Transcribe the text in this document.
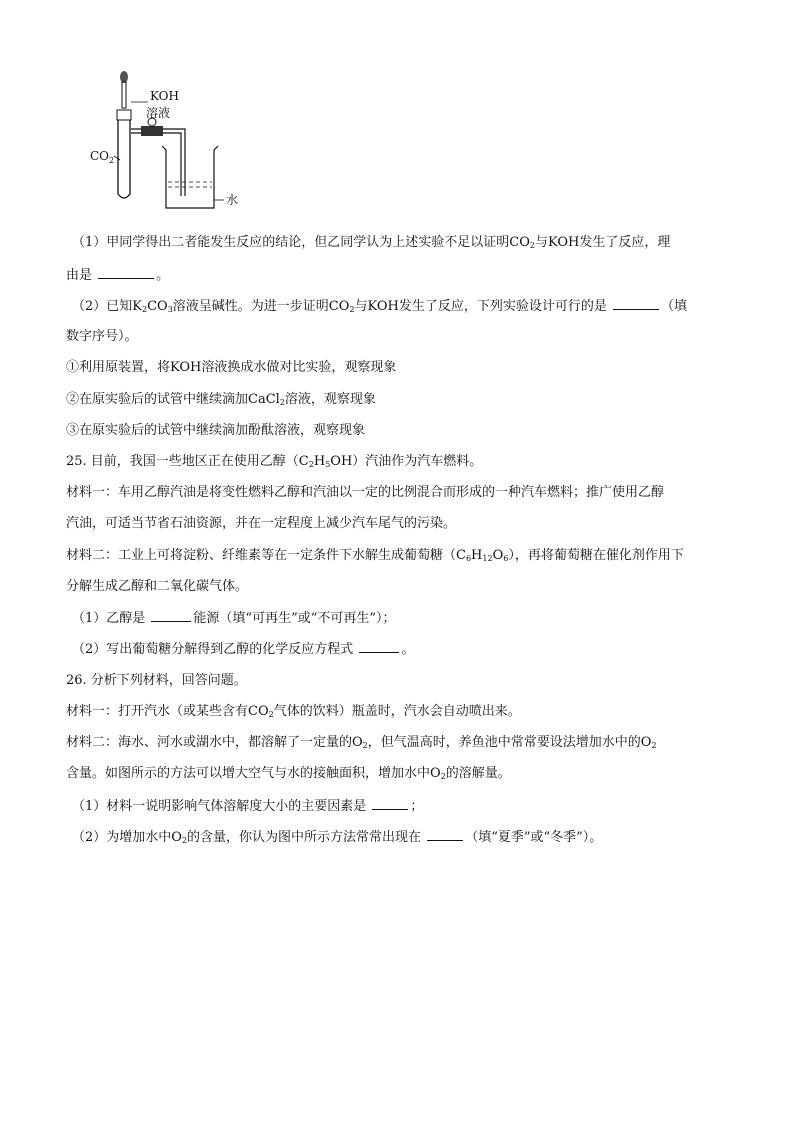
KOH
溶液
$CO_2$
水
（1）甲同学得出二者能发生反应的结论，但乙同学认为上述实验不足以证明$CO_2$与KOH发生了反应，理
由是	。
（2）已知$K_2CO_3$溶液呈碱性。为进一步证明$CO_2$与KOH发生了反应，下列实验设计可行的是	（填
数字序号）。
①利用原装置，将KOH溶液换成水做对比实验，观察现象
②在原实验后的试管中继续滴加CaCl$_2$溶液，观察现象
③在原实验后的试管中继续滴加酚酞溶液，观察现象
25. 目前，我国一些地区正在使用乙醇$(C_2H_5OH)$汽油作为汽车燃料。
材料一：车用乙醇汽油是将变性燃料乙醇和汽油以一定的比例混合而形成的一种汽车燃料；推广使用乙醇
汽油，可适当节省石油资源，并在一定程度上减少汽车尾气的污染。
材料二：工业上可将淀粉、纤维素等在一定条件下水解生成葡萄糖$(C_6H_{12}O_6)$，再将葡萄糖在催化剂作用下
分解生成乙醇和二氧化碳气体。
（1）乙醇是	能源（填“可再生”或“不可再生”）；
（2）写出葡萄糖分解得到乙醇的化学反应方程式	。
26. 分析下列材料，回答问题。
材料一：打开汽水（或某些含有$CO_2$气体的饮料）瓶盖时，汽水会自动喷出来。
材料二：海水、河水或湖水中，都溶解了一定量的$O_2$，但气温高时，养鱼池中常常要设法增加水中的$O_2$
含量。如图所示的方法可以增大空气与水的接触面积，增加水中$O_2$的溶解量。
（1）材料一说明影响气体溶解度大小的主要因素是	；
（2）为增加水中$O_2$的含量，你认为图中所示方法常常出现在	（填“夏季”或“冬季”）。
